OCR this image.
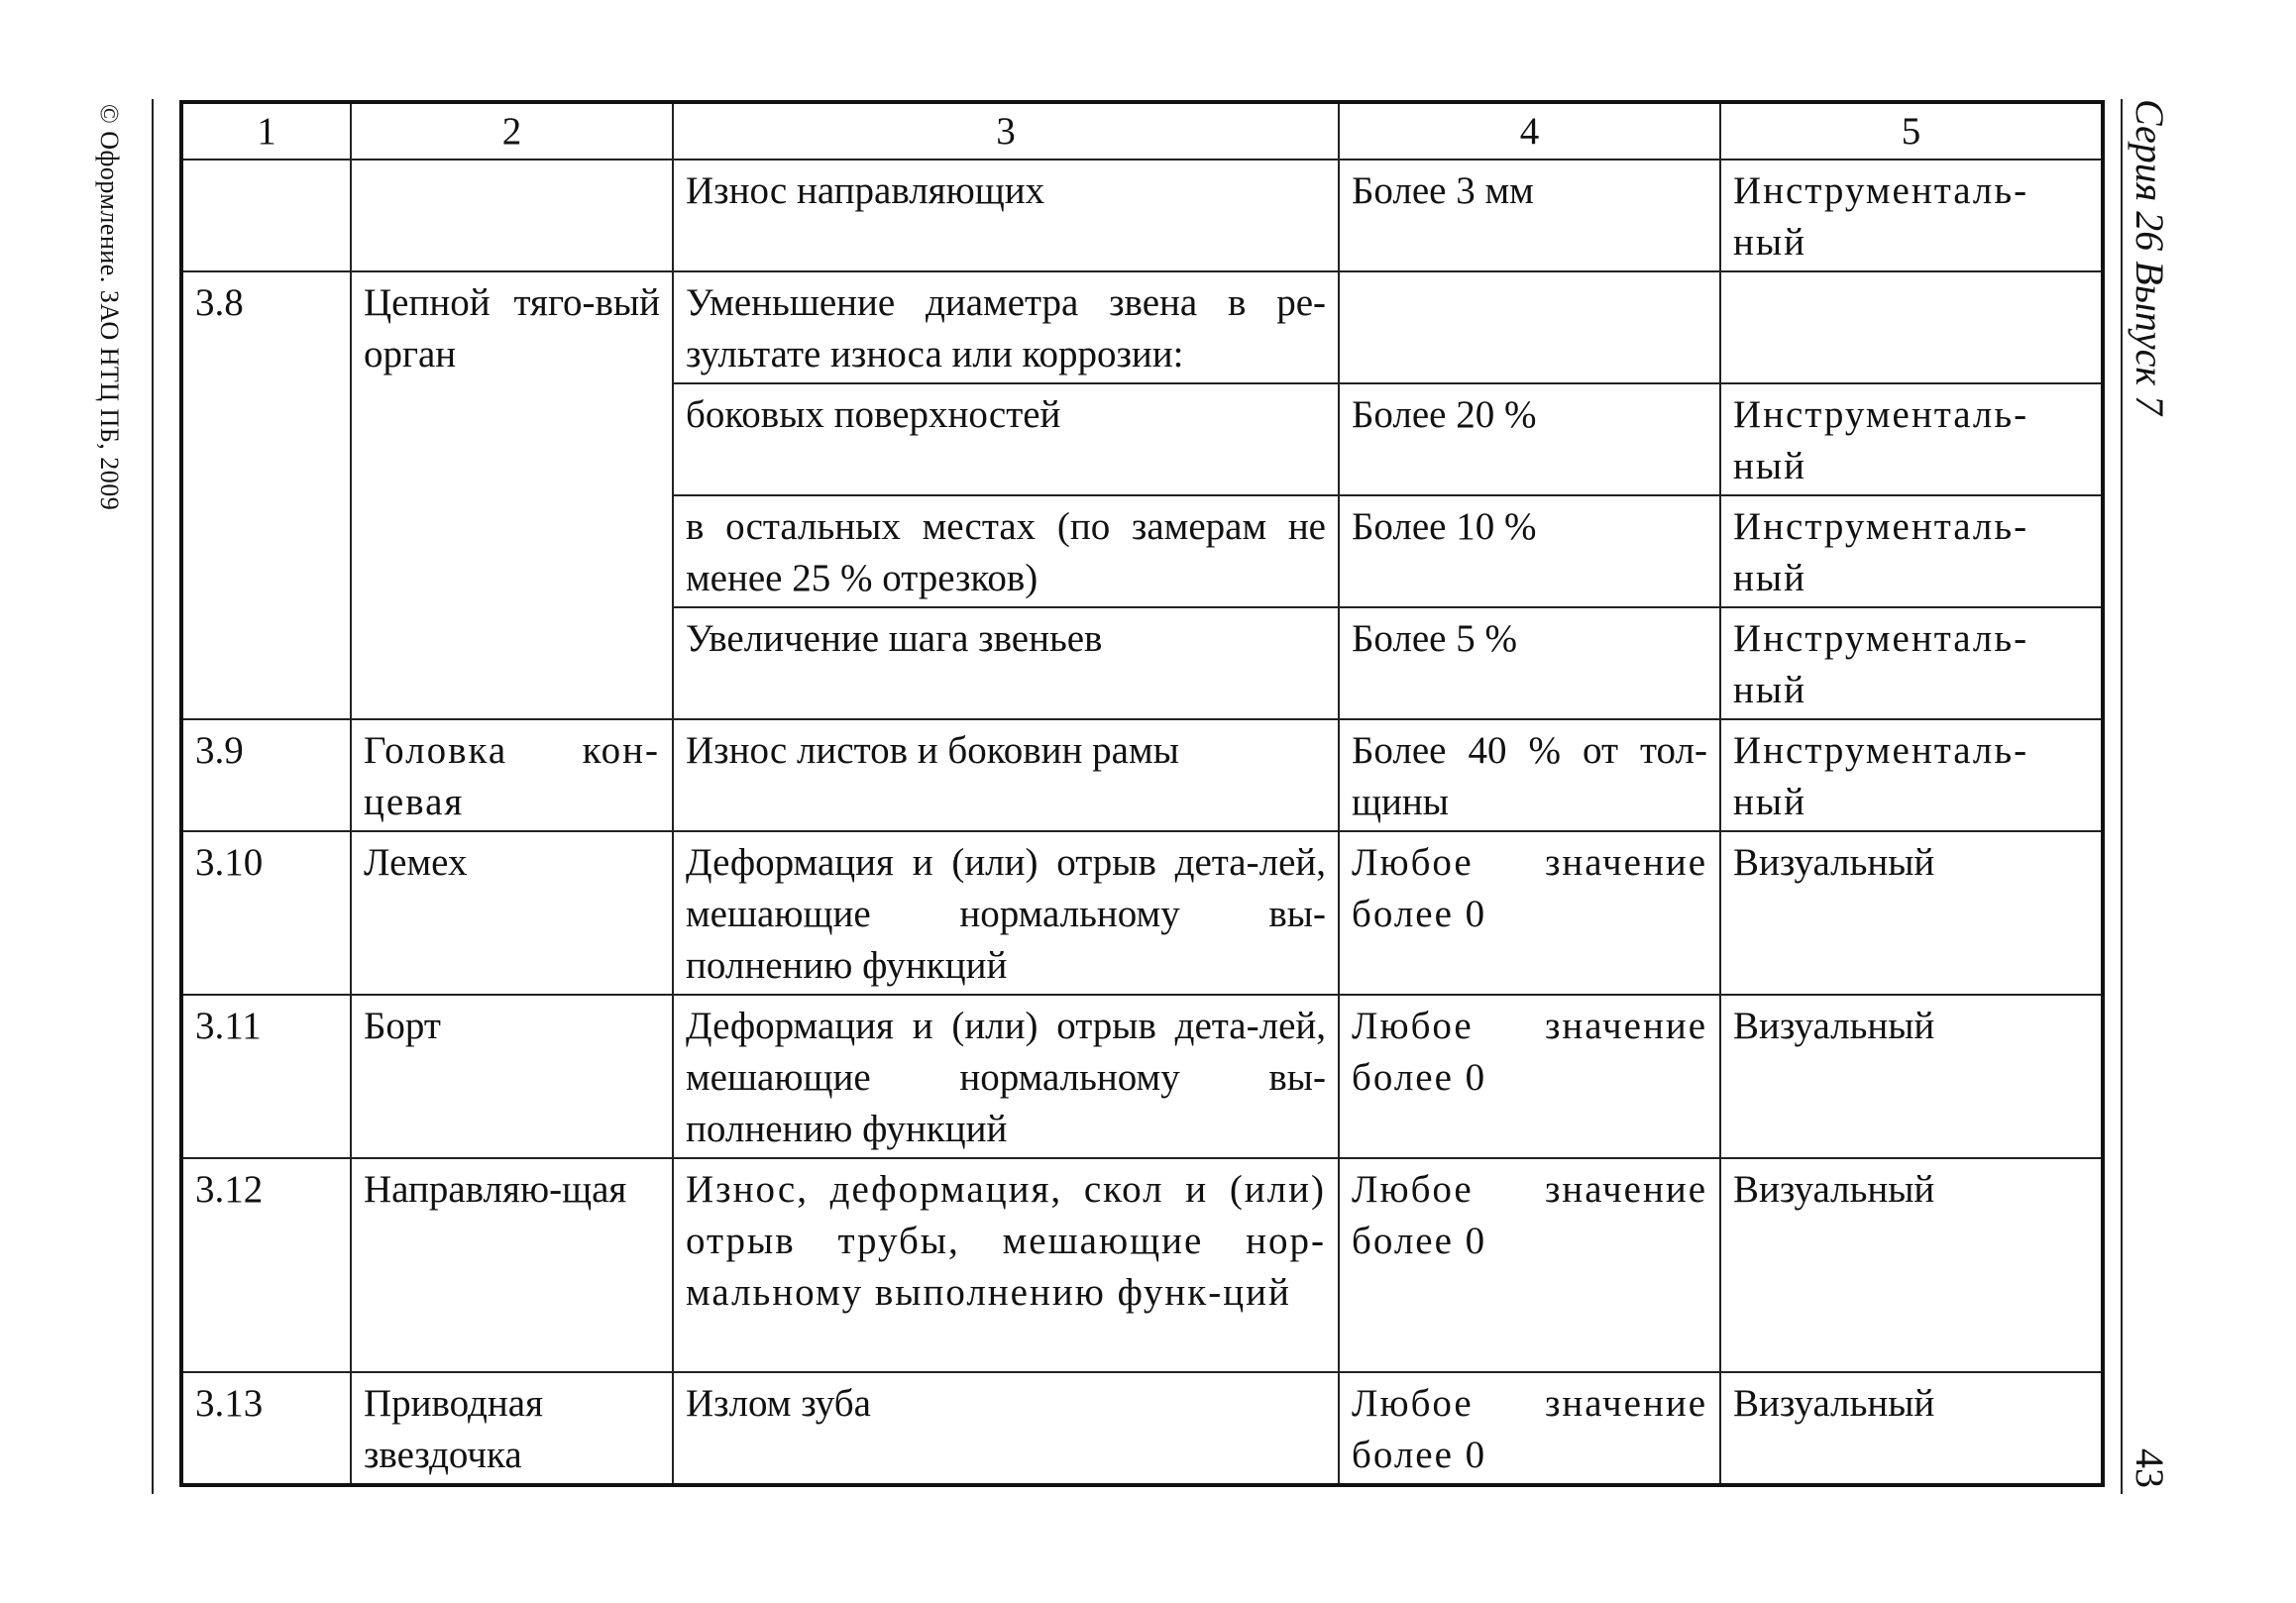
© Оформление. ЗАО НТЦ ПБ, 2009	Серия 26 Выпуск 7
43
1	2	3	4	5
		Износ направляющих	Более 3 мм	Инструменталь-ный

3.8	Цепной тяго-вый орган	Уменьшение диаметра звена в ре-зультате износа или коррозии:		

		боковых поверхностей	Более 20 %	Инструменталь-ный

		в остальных местах (по замерам не менее 25 % отрезков)	Более 10 %	Инструменталь-ный

		Увеличение шага звеньев	Более 5 %	Инструменталь-ный

3.9	Головка кон-цевая	Износ листов и боковин рамы	Более 40 % от тол-щины	Инструменталь-ный

3.10	Лемех	Деформация и (или) отрыв дета-лей, мешающие нормальному вы-полнению функций	Любое значение более 0	Визуальный
3.11	Борт	Деформация и (или) отрыв дета-лей, мешающие нормальному вы-полнению функций	Любое значение более 0	Визуальный
3.12	Направляю-щая	Износ, деформация, скол и (или) отрыв трубы, мешающие нор-мальному выполнению функ-ций	Любое значение более 0	Визуальный
3.13	Приводная звездочка	Излом зуба	Любое значение более 0	Визуальный
